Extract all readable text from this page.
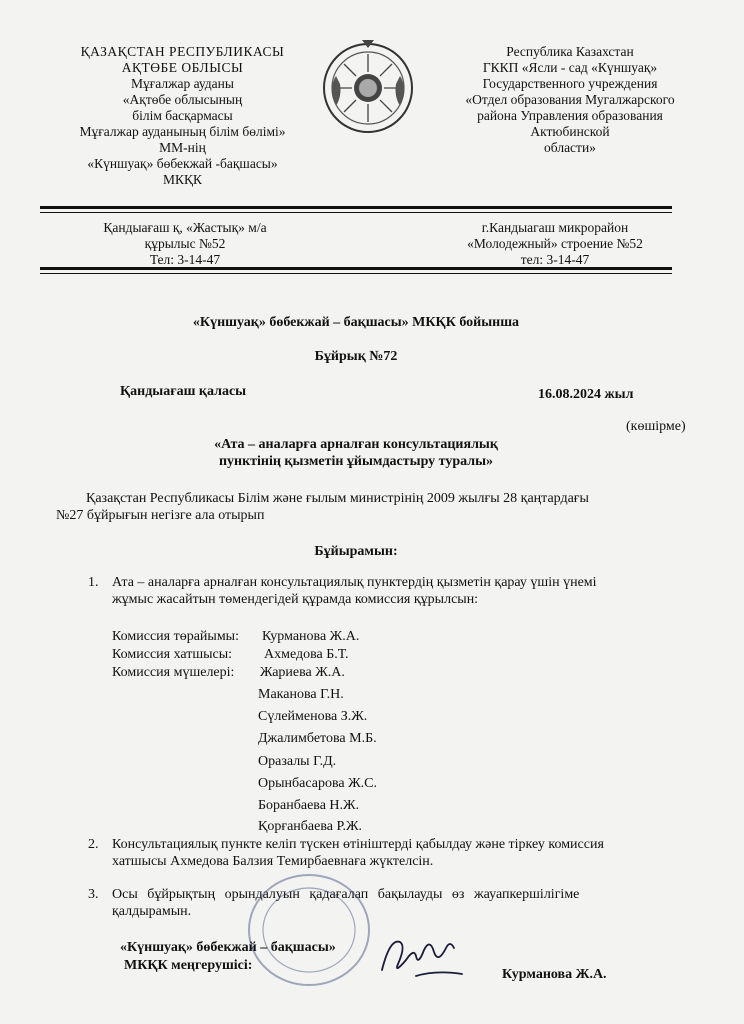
ҚАЗАҚСТАН РЕСПУБЛИКАСЫ
АҚТӨБЕ ОБЛЫСЫ
Мұғалжар ауданы
«Ақтөбе облысының
білім басқармасы
Мұғалжар ауданының білім бөлімі»
ММ-нің
«Күншуақ» бөбекжай -бақшасы»
МКҚК
Республика Казахстан
ГККП «Ясли - сад «Күншуақ»
Государственного учреждения
«Отдел образования Мугалжарского
района Управления образования
Актюбинской
области»
Қандыағаш қ, «Жастық» м/а
құрылыс №52
Тел: 3-14-47
г.Кандыагаш микрорайон
«Молодежный» строение №52
тел: 3-14-47
«Күншуақ» бөбекжай – бақшасы» МКҚК бойынша
Бұйрық №72
Қандыағаш қаласы	16.08.2024 жыл
(көшірме)
«Ата – аналарға арналған консультациялық
пунктінің қызметін ұйымдастыру туралы»
Қазақстан Республикасы Білім және ғылым министрінің 2009 жылғы 28 қаңтардағы
№27 бұйрығын негізге ала отырып
Бұйырамын:
1. Ата – аналарға арналған консультациялық пунктердің қызметін қарау үшін үнемі
жұмыс жасайтын төмендегідей құрамда комиссия құрылсын:
Комиссия төрайымы: Курманова Ж.А.
Комиссия хатшысы: Ахмедова Б.Т.
Комиссия мүшелері: Жариева Ж.А.
Маканова Г.Н.
Сүлейменова З.Ж.
Джалимбетова М.Б.
Оразалы Г.Д.
Орынбасарова Ж.С.
Боранбаева Н.Ж.
Қорғанбаева Р.Ж.
2. Консультациялық пункте келіп түскен өтініштерді қабылдау және тіркеу комиссия
хатшысы Ахмедова Балзия Темирбаевнаға жүктелсін.
3. Осы бұйрықтың орындалуын қадағалап бақылауды өз жауапкершілігіме
қалдырамын.
«Күншуақ» бөбекжай – бақшасы»
МКҚК меңгерушісі:
Курманова Ж.А.
